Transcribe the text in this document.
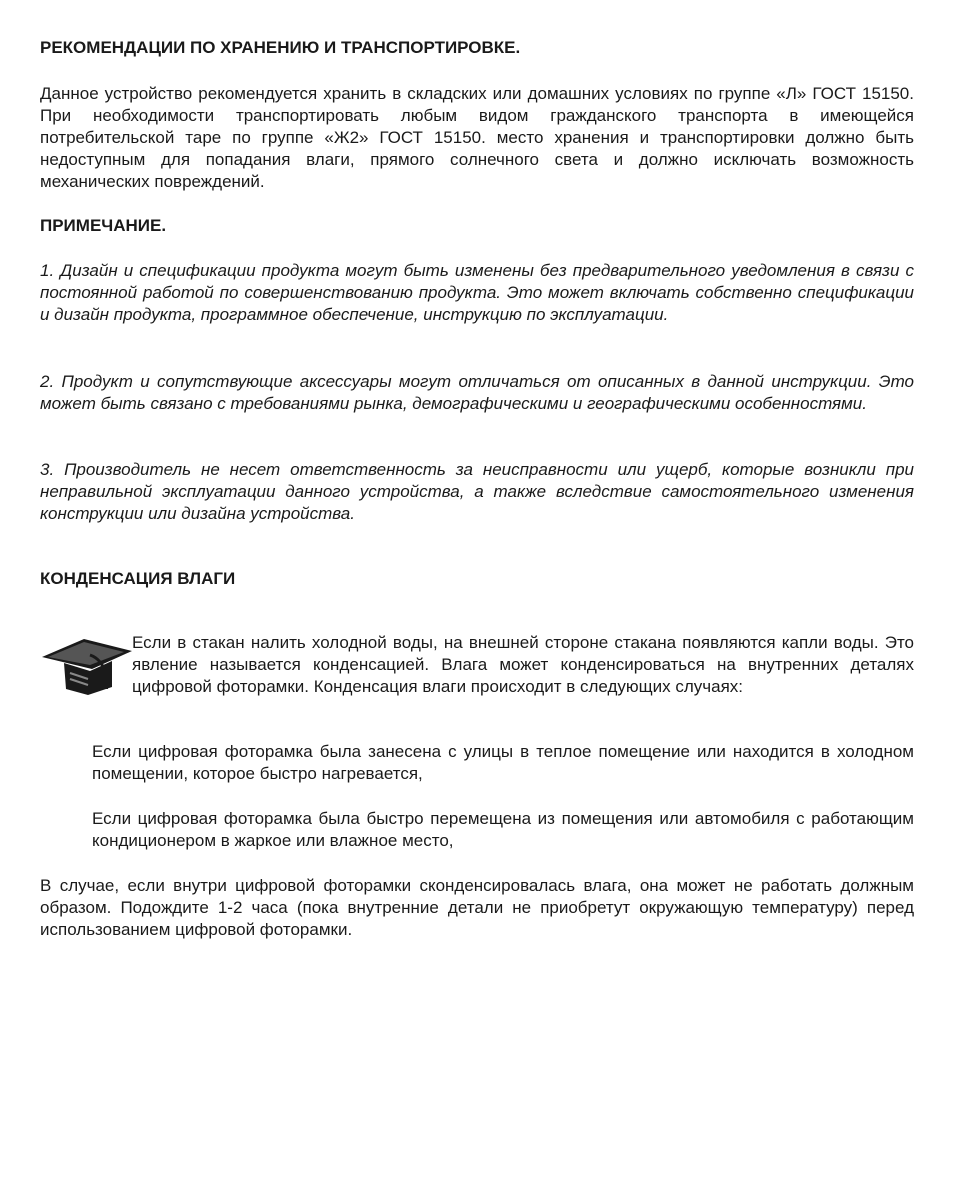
РЕКОМЕНДАЦИИ ПО ХРАНЕНИЮ И ТРАНСПОРТИРОВКЕ.
Данное устройство рекомендуется хранить в складских или домашних условиях по группе «Л» ГОСТ 15150. При необходимости транспортировать любым видом гражданского транспорта в имеющейся потребительской таре по группе «Ж2» ГОСТ 15150. место хранения и транспортировки должно быть недоступным для попадания влаги, прямого солнечного света и должно исключать возможность механических повреждений.
ПРИМЕЧАНИЕ.
1. Дизайн и спецификации продукта могут быть изменены без предварительного уведомления в связи с постоянной работой по совершенствованию продукта. Это может включать собственно спецификации и дизайн продукта, программное обеспечение, инструкцию по эксплуатации.
2. Продукт и сопутствующие аксессуары могут отличаться от описанных в данной инструкции. Это может быть связано с требованиями рынка, демографическими и географическими особенностями.
3. Производитель не несет ответственность за неисправности или ущерб, которые возникли при неправильной эксплуатации данного устройства, а также вследствие самостоятельного изменения конструкции или дизайна устройства.
КОНДЕНСАЦИЯ ВЛАГИ
Если в стакан налить холодной воды, на внешней стороне стакана появляются капли воды. Это явление называется конденсацией. Влага может конденсироваться на внутренних деталях цифровой фоторамки. Конденсация влаги происходит в следующих случаях:
Если цифровая фоторамка была занесена с улицы в теплое помещение или находится в холодном помещении, которое быстро нагревается,
Если цифровая фоторамка была быстро перемещена из помещения или автомобиля с работающим кондиционером в жаркое или влажное место,
В случае, если внутри цифровой фоторамки сконденсировалась влага, она может не работать должным образом. Подождите 1-2 часа (пока внутренние детали не приобретут окружающую температуру) перед использованием цифровой фоторамки.
